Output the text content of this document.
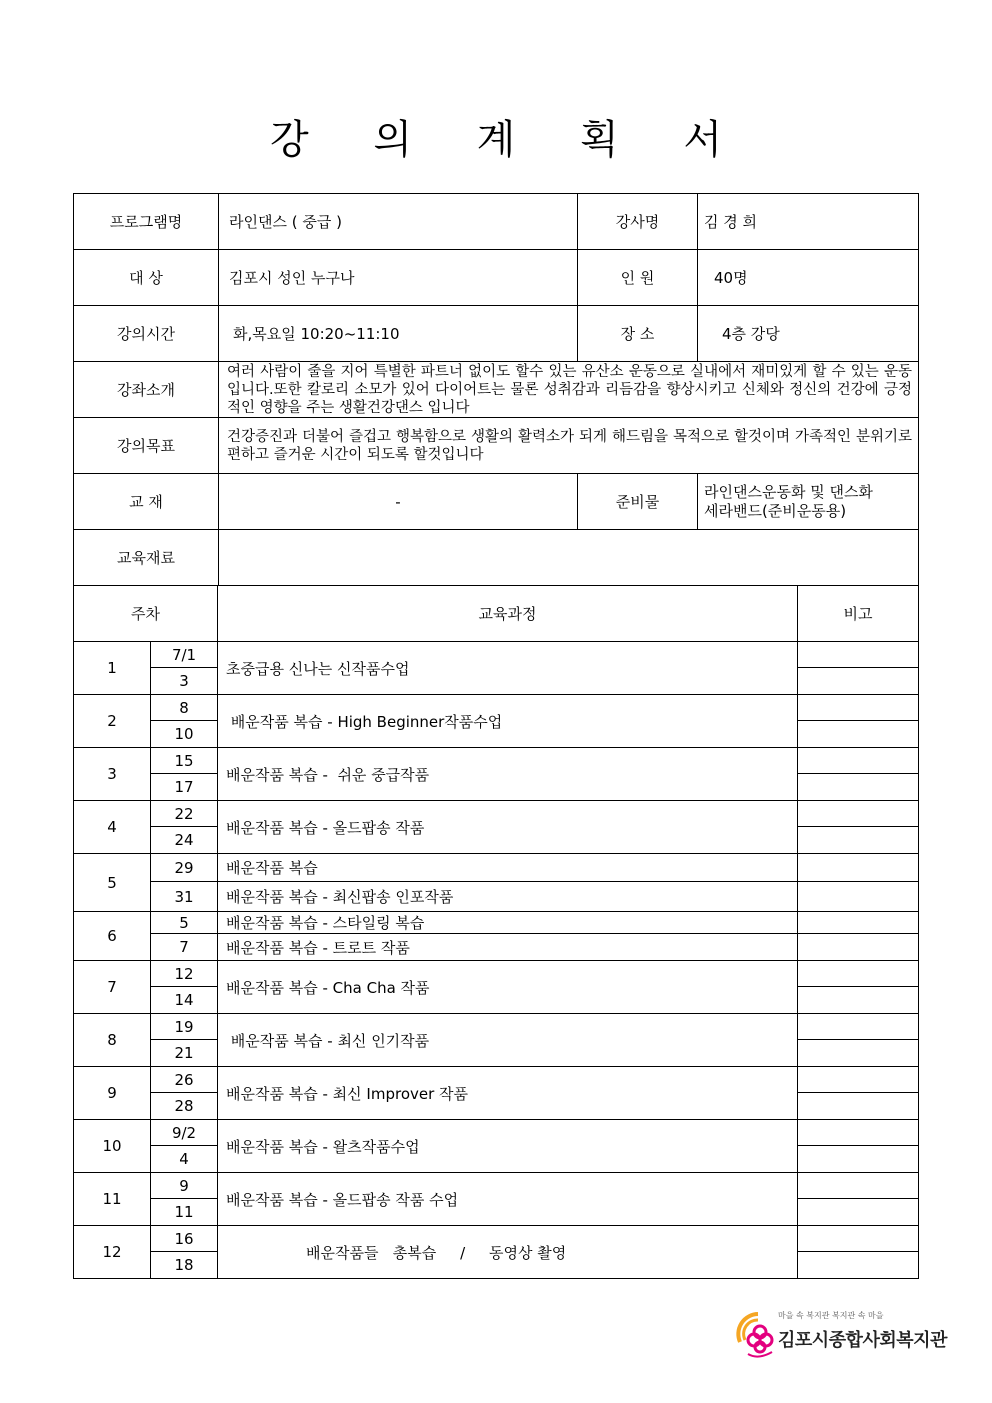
강 의 계 획 서
프로그램명	라인댄스 ( 중급 )	강사명	김 경 희
대 상	김포시 성인 누구나	인 원	40명
강의시간	화,목요일 10:20~11:10	장 소	4층 강당
강좌소개	여러 사람이 줄을 지어 특별한 파트너 없이도 할수 있는 유산소 운동으로 실내에서 재미있게 할 수 있는 운동입니다.또한 칼로리 소모가 있어 다이어트는 물론 성취감과 리듬감을 향상시키고 신체와 정신의 건강에 긍정적인 영향을 주는 생활건강댄스 입니다		
강의목표	건강증진과 더불어 즐겁고 행복함으로 생활의 활력소가 되게 해드림을 목적으로 할것이며 가족적인 분위기로 편하고 즐거운 시간이 되도록 할것입니다		
교 재	-	준비물	라인댄스운동화 및 댄스화
세라밴드(준비운동용)

교육재료			
주차		교육과정	비고
1	7/1	초중급용 신나는 신작품수업	
	3		
2	8	배운작품 복습 - High Beginner작품수업	
	10		
3	15	배운작품 복습 -  쉬운 중급작품	
	17		
4	22	배운작품 복습 - 올드팝송 작품	
	24		
5	29	배운작품 복습	
	31	배운작품 복습 - 최신팝송 인포작품	
6	5	배운작품 복습 - 스타일링 복습	
	7	배운작품 복습 - 트로트 작품	
7	12	배운작품 복습 - Cha Cha 작품	
	14		
8	19	배운작품 복습 - 최신 인기작품	
	21		
9	26	배운작품 복습 - 최신 Improver 작품	
	28		
10	9/2	배운작품 복습 - 왈츠작품수업	
	4		
11	9	배운작품 복습 - 올드팝송 작품 수업	
	11		
12	16	배운작품들   총복습     /     동영상 촬영	
	18		
마을 속 복지관 복지관 속 마을
김포시종합사회복지관
